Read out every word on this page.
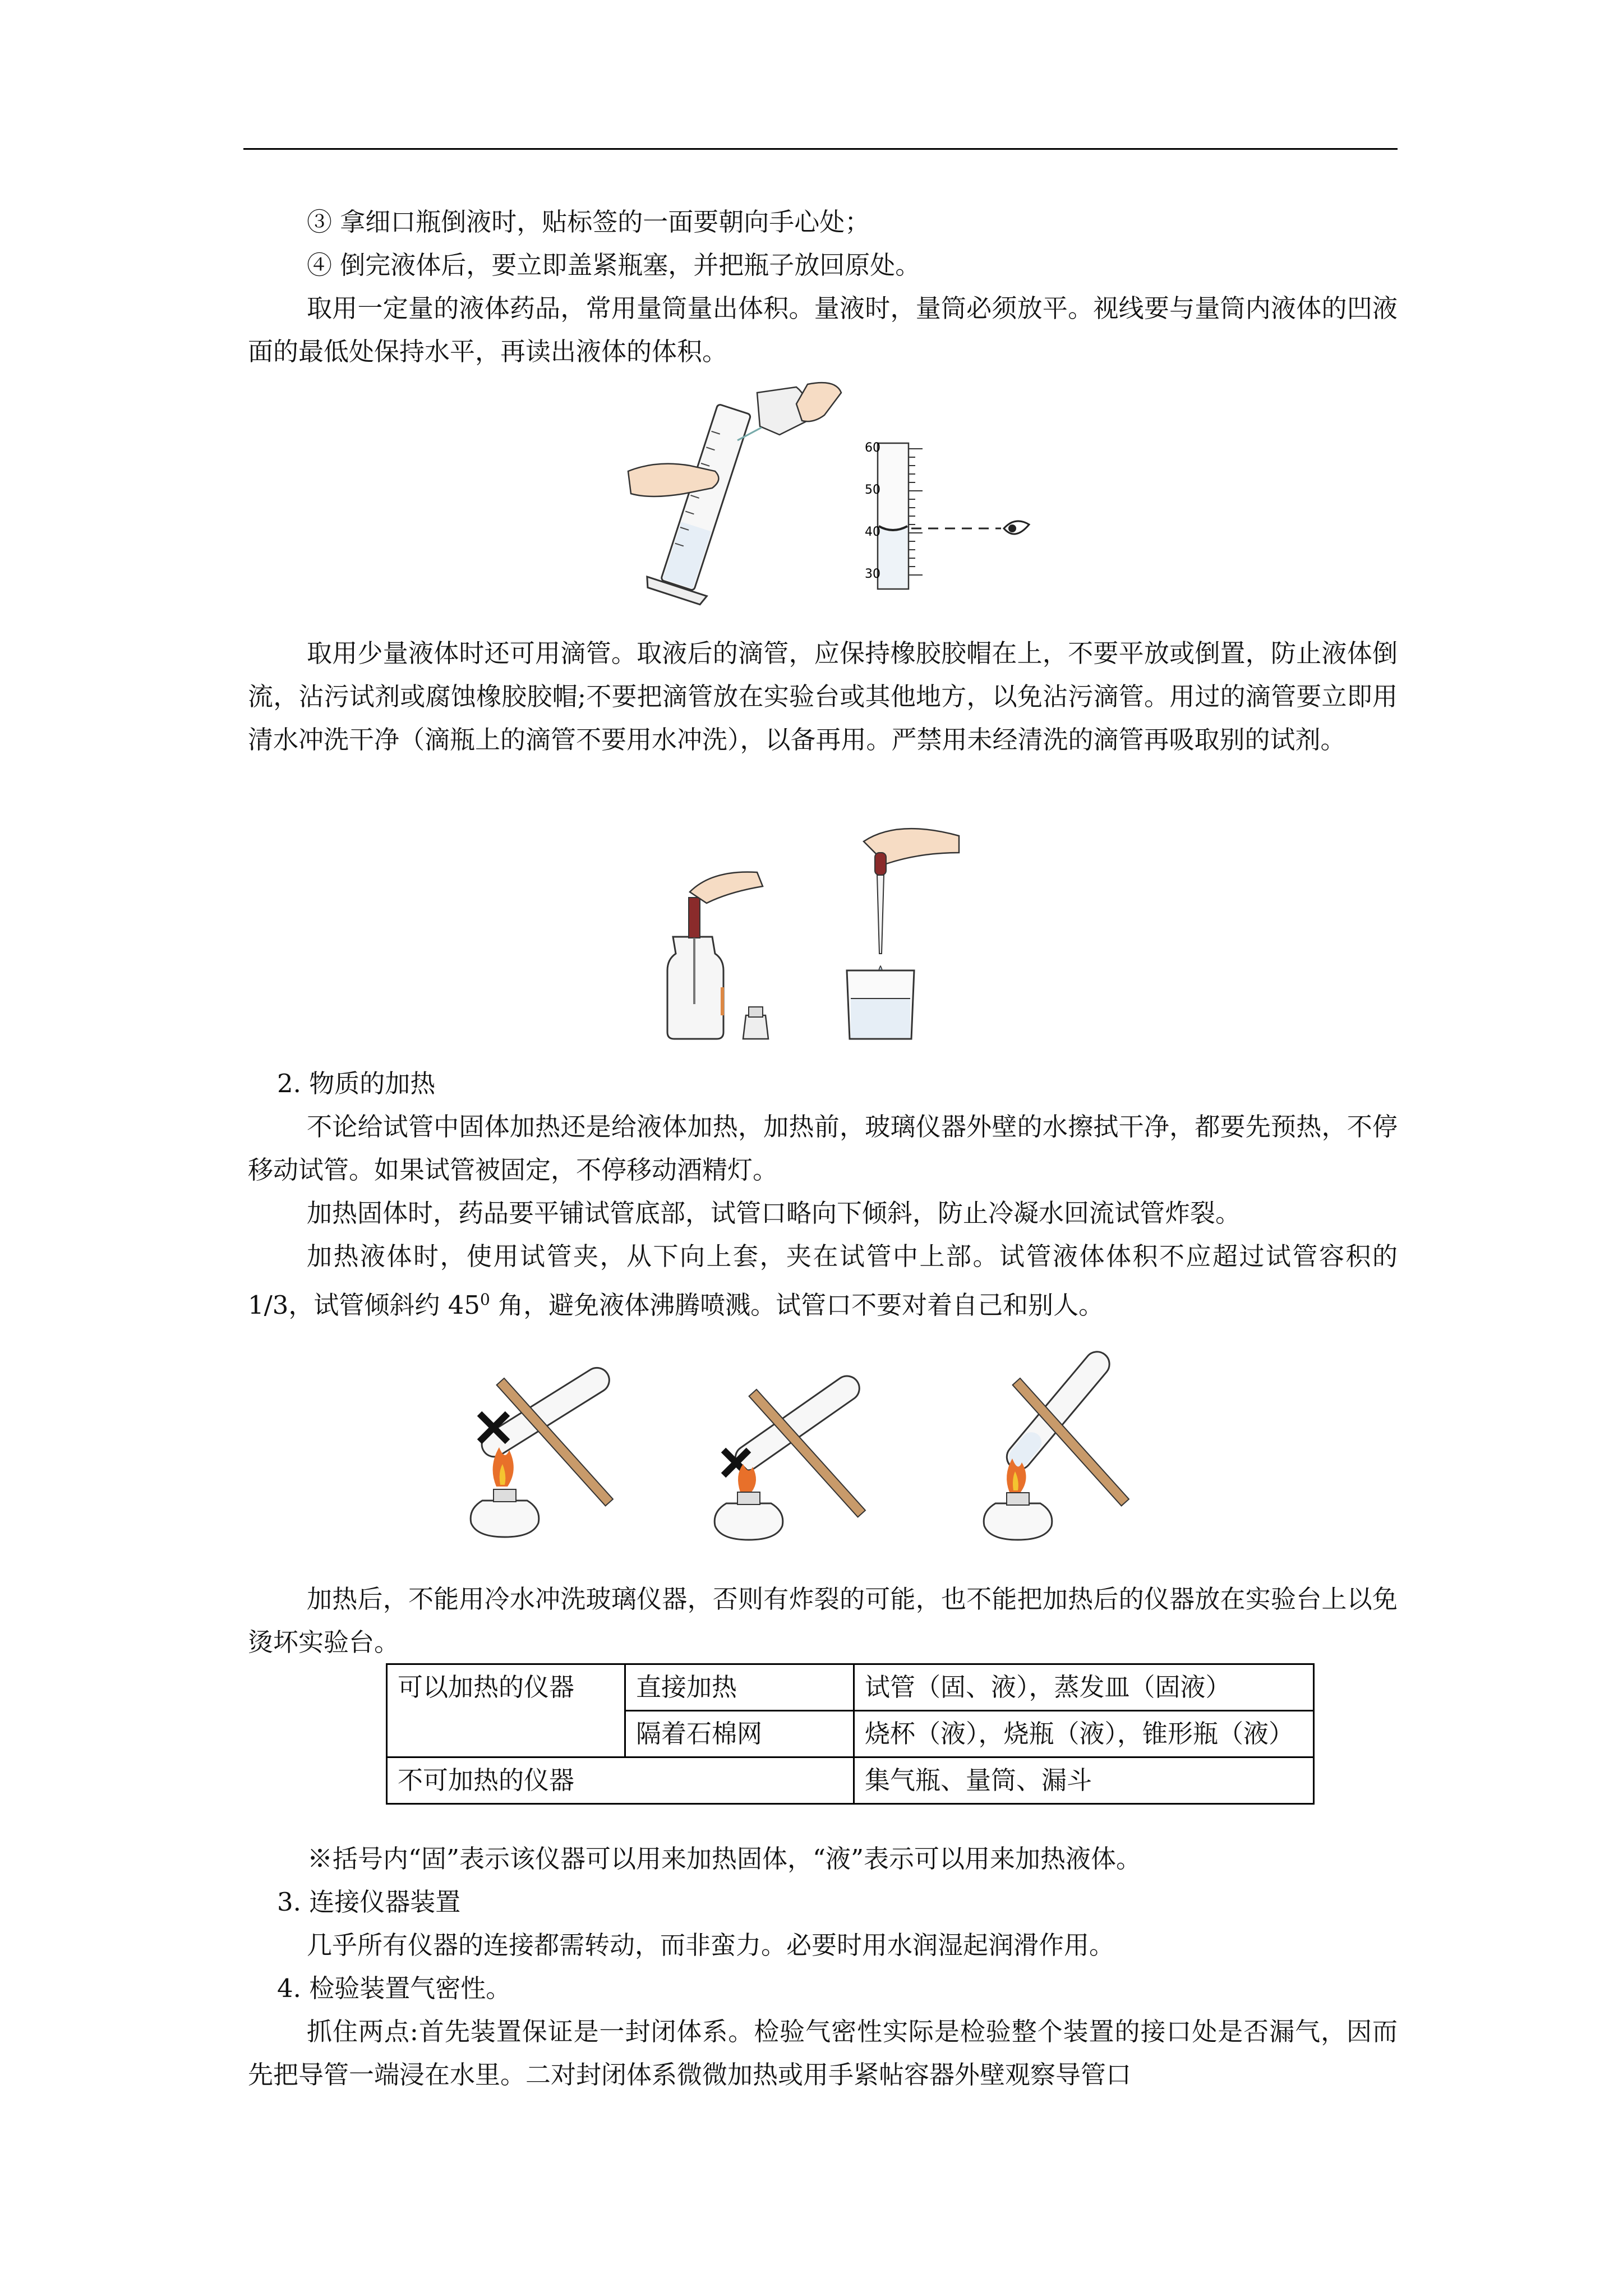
③ 拿细口瓶倒液时，贴标签的一面要朝向手心处；

④ 倒完液体后，要立即盖紧瓶塞，并把瓶子放回原处。

取用一定量的液体药品，常用量筒量出体积。量液时，量筒必须放平。视线要与量筒内液体的凹液面的最低处保持水平，再读出液体的体积。

60
50
40
30

取用少量液体时还可用滴管。取液后的滴管，应保持橡胶胶帽在上，不要平放或倒置，防止液体倒流，沾污试剂或腐蚀橡胶胶帽;不要把滴管放在实验台或其他地方，以免沾污滴管。用过的滴管要立即用清水冲洗干净（滴瓶上的滴管不要用水冲洗），以备再用。严禁用未经清洗的滴管再吸取别的试剂。

2. 物质的加热

不论给试管中固体加热还是给液体加热，加热前，玻璃仪器外壁的水擦拭干净，都要先预热，不停移动试管。如果试管被固定，不停移动酒精灯。

加热固体时，药品要平铺试管底部，试管口略向下倾斜，防止冷凝水回流试管炸裂。

加热液体时，使用试管夹，从下向上套，夹在试管中上部。试管液体体积不应超过试管容积的 1/3，试管倾斜约 $45^0$ 角，避免液体沸腾喷溅。试管口不要对着自己和别人。

加热后，不能用冷水冲洗玻璃仪器，否则有炸裂的可能，也不能把加热后的仪器放在实验台上以免烫坏实验台。

可以加热的仪器	直接加热	试管（固、液），蒸发皿（固液）
	隔着石棉网	烧杯（液），烧瓶（液），锥形瓶（液）
不可加热的仪器		集气瓶、量筒、漏斗

※括号内“固”表示该仪器可以用来加热固体，“液”表示可以用来加热液体。

3. 连接仪器装置

几乎所有仪器的连接都需转动，而非蛮力。必要时用水润湿起润滑作用。

4. 检验装置气密性。

抓住两点:首先装置保证是一封闭体系。检验气密性实际是检验整个装置的接口处是否漏气，因而先把导管一端浸在水里。二对封闭体系微微加热或用手紧帖容器外壁观察导管口
